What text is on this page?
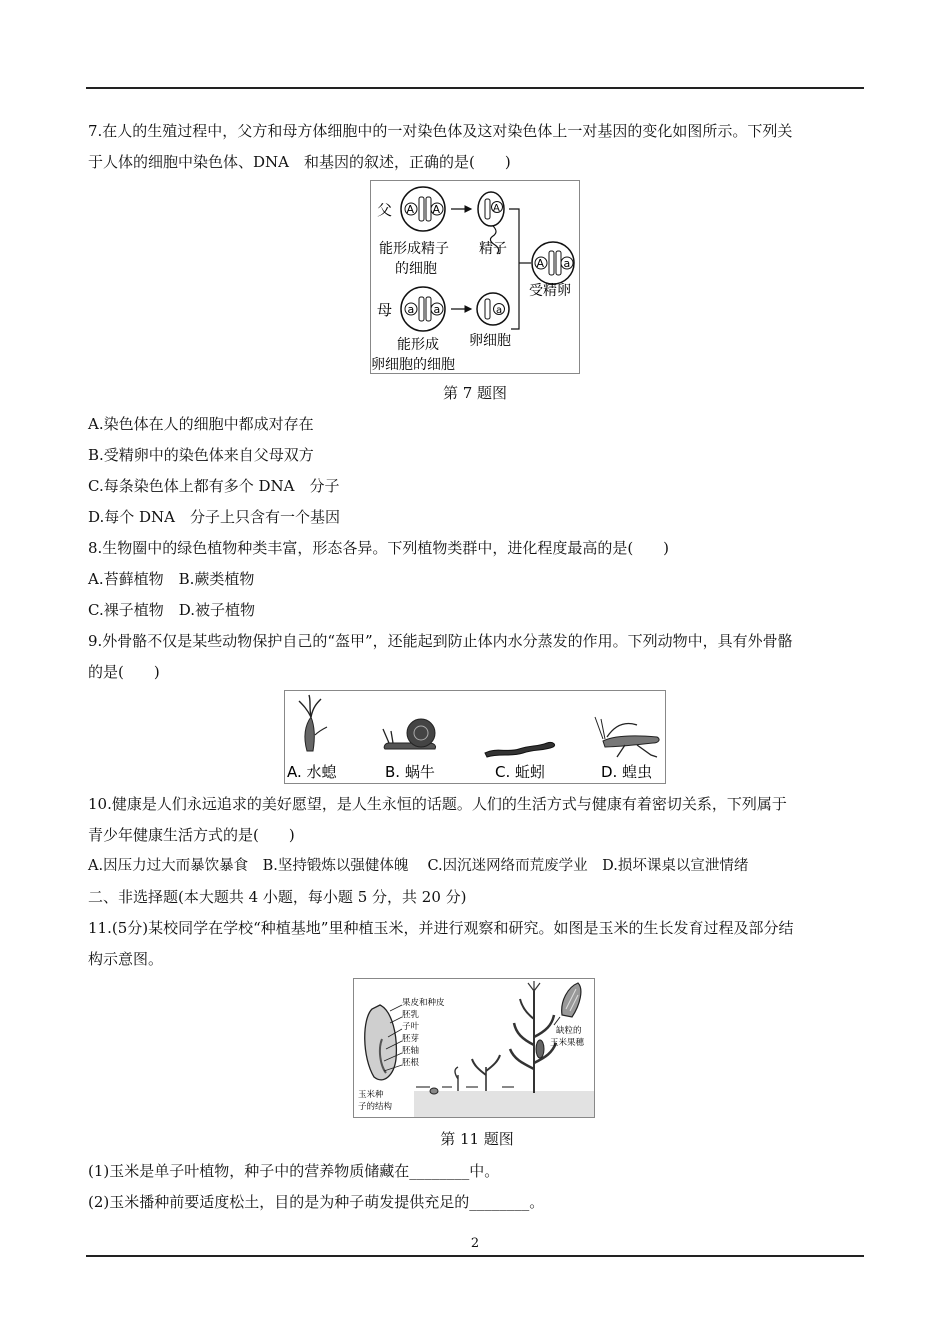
7.在人的生殖过程中，父方和母方体细胞中的一对染色体及这对染色体上一对基因的变化如图所示。下列关
于人体的细胞中染色体、DNA　和基因的叙述，正确的是(　　)
父 A A	A
能形成精子
的细胞
精子
A a
受精卵
母 a a	a
能形成
卵细胞的细胞
卵细胞
第 7 题图
A.染色体在人的细胞中都成对存在
B.受精卵中的染色体来自父母双方
C.每条染色体上都有多个 DNA　分子
D.每个 DNA　分子上只含有一个基因
8.生物圈中的绿色植物种类丰富，形态各异。下列植物类群中，进化程度最高的是(　　)
A.苔藓植物　B.蕨类植物
C.裸子植物　D.被子植物
9.外骨骼不仅是某些动物保护自己的“盔甲”，还能起到防止体内水分蒸发的作用。下列动物中，具有外骨骼
的是(　　)
A. 水螅	B. 蜗牛	C. 蚯蚓	D. 蝗虫
10.健康是人们永远追求的美好愿望，是人生永恒的话题。人们的生活方式与健康有着密切关系，下列属于
青少年健康生活方式的是(　　)
A.因压力过大而暴饮暴食　B.坚持锻炼以强健体魄　 C.因沉迷网络而荒废学业　D.损坏课桌以宣泄情绪
二、非选择题(本大题共 4 小题，每小题 5 分，共 20 分)
11.(5分)某校同学在学校“种植基地”里种植玉米，并进行观察和研究。如图是玉米的生长发育过程及部分结
构示意图。
果皮和种皮
胚乳
子叶
胚芽
胚轴
胚根
玉米种
子的结构
缺粒的
玉米果穗
第 11 题图
(1)玉米是单子叶植物，种子中的营养物质储藏在________中。
(2)玉米播种前要适度松土，目的是为种子萌发提供充足的________。
2
